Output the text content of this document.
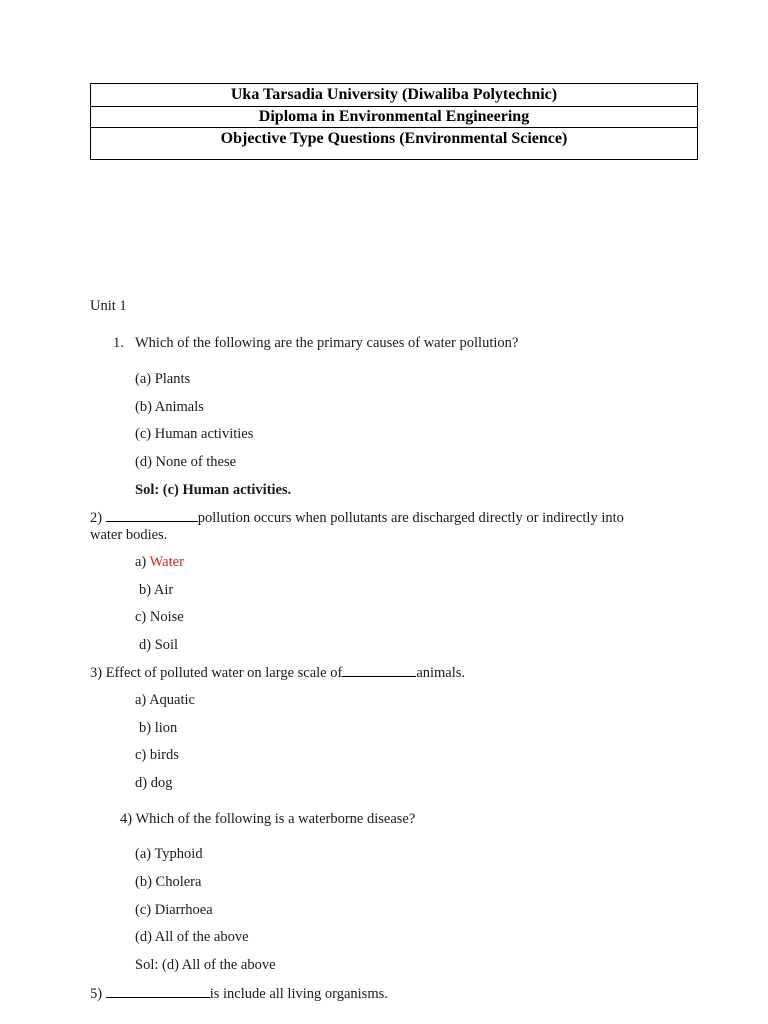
Uka Tarsadia University (Diwaliba Polytechnic)
Diploma in Environmental Engineering
Objective Type Questions (Environmental Science)
Unit 1
1. Which of the following are the primary causes of water pollution?
(a) Plants
(b) Animals
(c) Human activities
(d) None of these
Sol: (c) Human activities.
2)	pollution occurs when pollutants are discharged directly or indirectly into
water bodies.
a) Water
b) Air
c) Noise
d) Soil
3) Effect of polluted water on large scale of	animals.
a) Aquatic
b) lion
c) birds
d) dog
4) Which of the following is a waterborne disease?
(a) Typhoid
(b) Cholera
(c) Diarrhoea
(d) All of the above
Sol: (d) All of the above
5)	is include all living organisms.
